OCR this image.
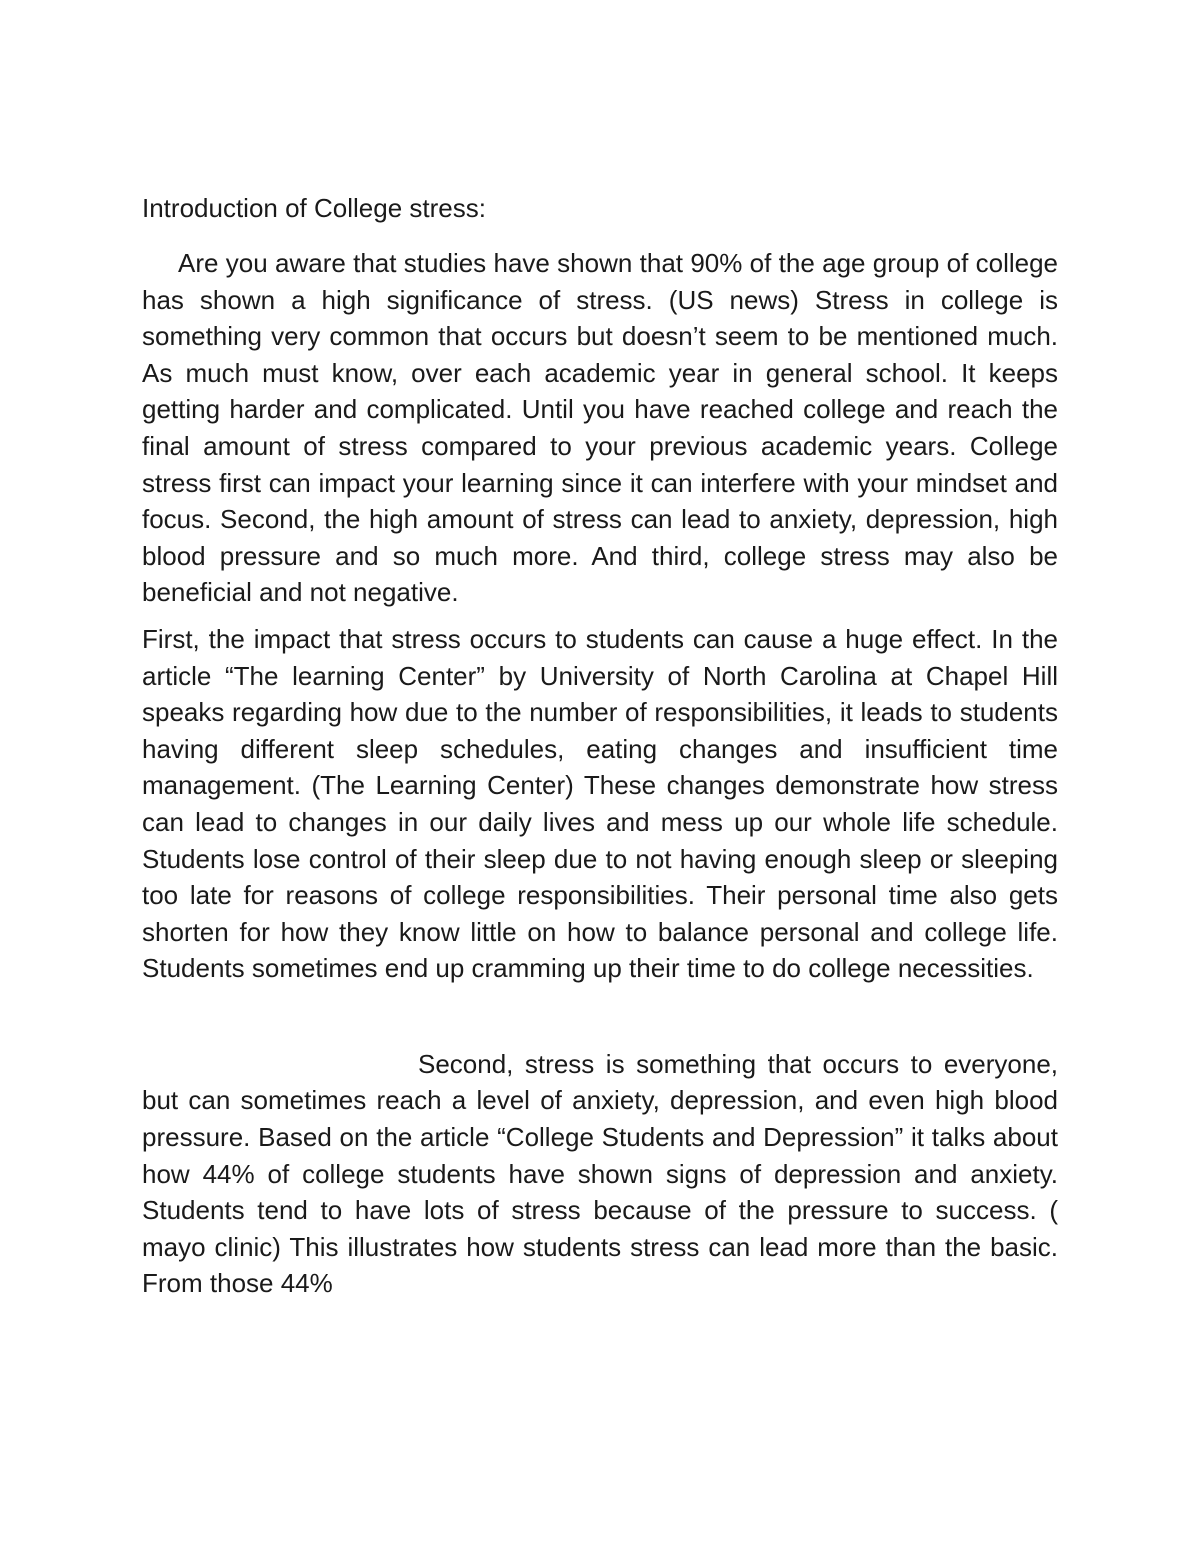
Introduction of College stress:

Are you aware that studies have shown that 90% of the age group of college has shown a high significance of stress. (US news) Stress in college is something very common that occurs but doesn’t seem to be mentioned much. As much must know, over each academic year in general school. It keeps getting harder and complicated. Until you have reached college and reach the final amount of stress compared to your previous academic years. College stress first can impact your learning since it can interfere with your mindset and focus. Second, the high amount of stress can lead to anxiety, depression, high blood pressure and so much more. And third, college stress may also be beneficial and not negative.

First, the impact that stress occurs to students can cause a huge effect. In the article “The learning Center” by University of North Carolina at Chapel Hill speaks regarding how due to the number of responsibilities, it leads to students having different sleep schedules, eating changes and insufficient time management. (The Learning Center) These changes demonstrate how stress can lead to changes in our daily lives and mess up our whole life schedule. Students lose control of their sleep due to not having enough sleep or sleeping too late for reasons of college responsibilities. Their personal time also gets shorten for how they know little on how to balance personal and college life. Students sometimes end up cramming up their time to do college necessities.

Second, stress is something that occurs to everyone, but can sometimes reach a level of anxiety, depression, and even high blood pressure. Based on the article “College Students and Depression” it talks about how 44% of college students have shown signs of depression and anxiety. Students tend to have lots of stress because of the pressure to success. ( mayo clinic) This illustrates how students stress can lead more than the basic. From those 44%
